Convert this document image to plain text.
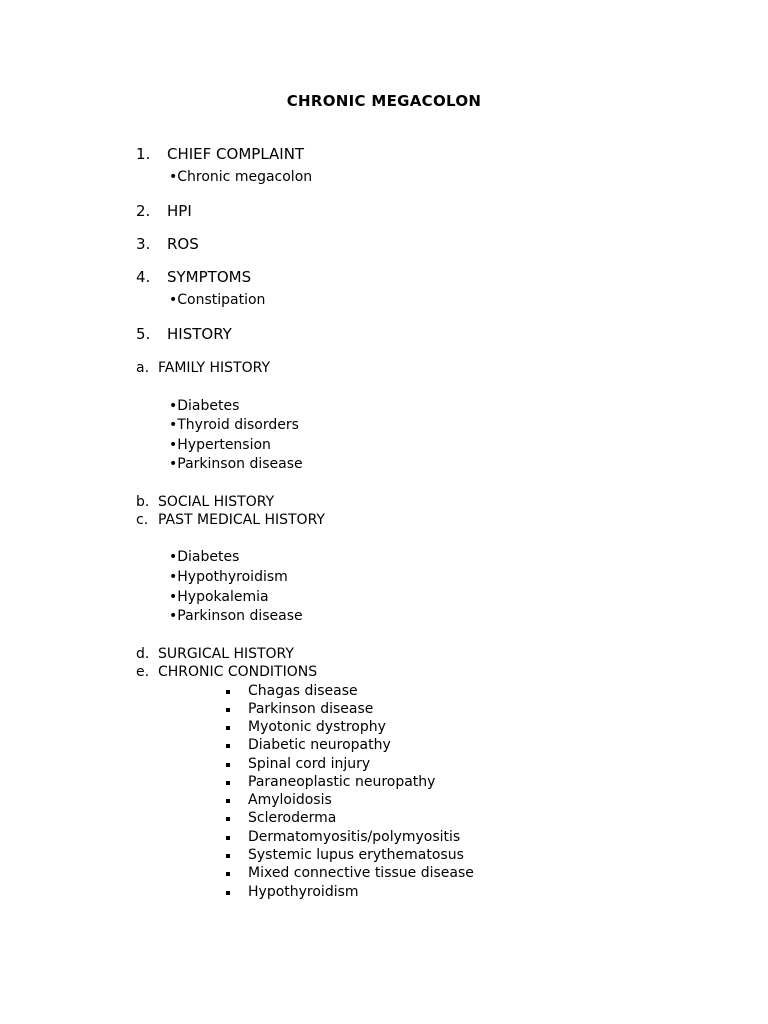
CHRONIC MEGACOLON
1. CHIEF COMPLAINT
•Chronic megacolon
2. HPI
3. ROS
4. SYMPTOMS
•Constipation
5. HISTORY
a. FAMILY HISTORY
•Diabetes
•Thyroid disorders
•Hypertension
•Parkinson disease
b. SOCIAL HISTORY
c. PAST MEDICAL HISTORY
•Diabetes
•Hypothyroidism
•Hypokalemia
•Parkinson disease
d. SURGICAL HISTORY
e. CHRONIC CONDITIONS
Chagas disease
Parkinson disease
Myotonic dystrophy
Diabetic neuropathy
Spinal cord injury
Paraneoplastic neuropathy
Amyloidosis
Scleroderma
Dermatomyositis/polymyositis
Systemic lupus erythematosus
Mixed connective tissue disease
Hypothyroidism
